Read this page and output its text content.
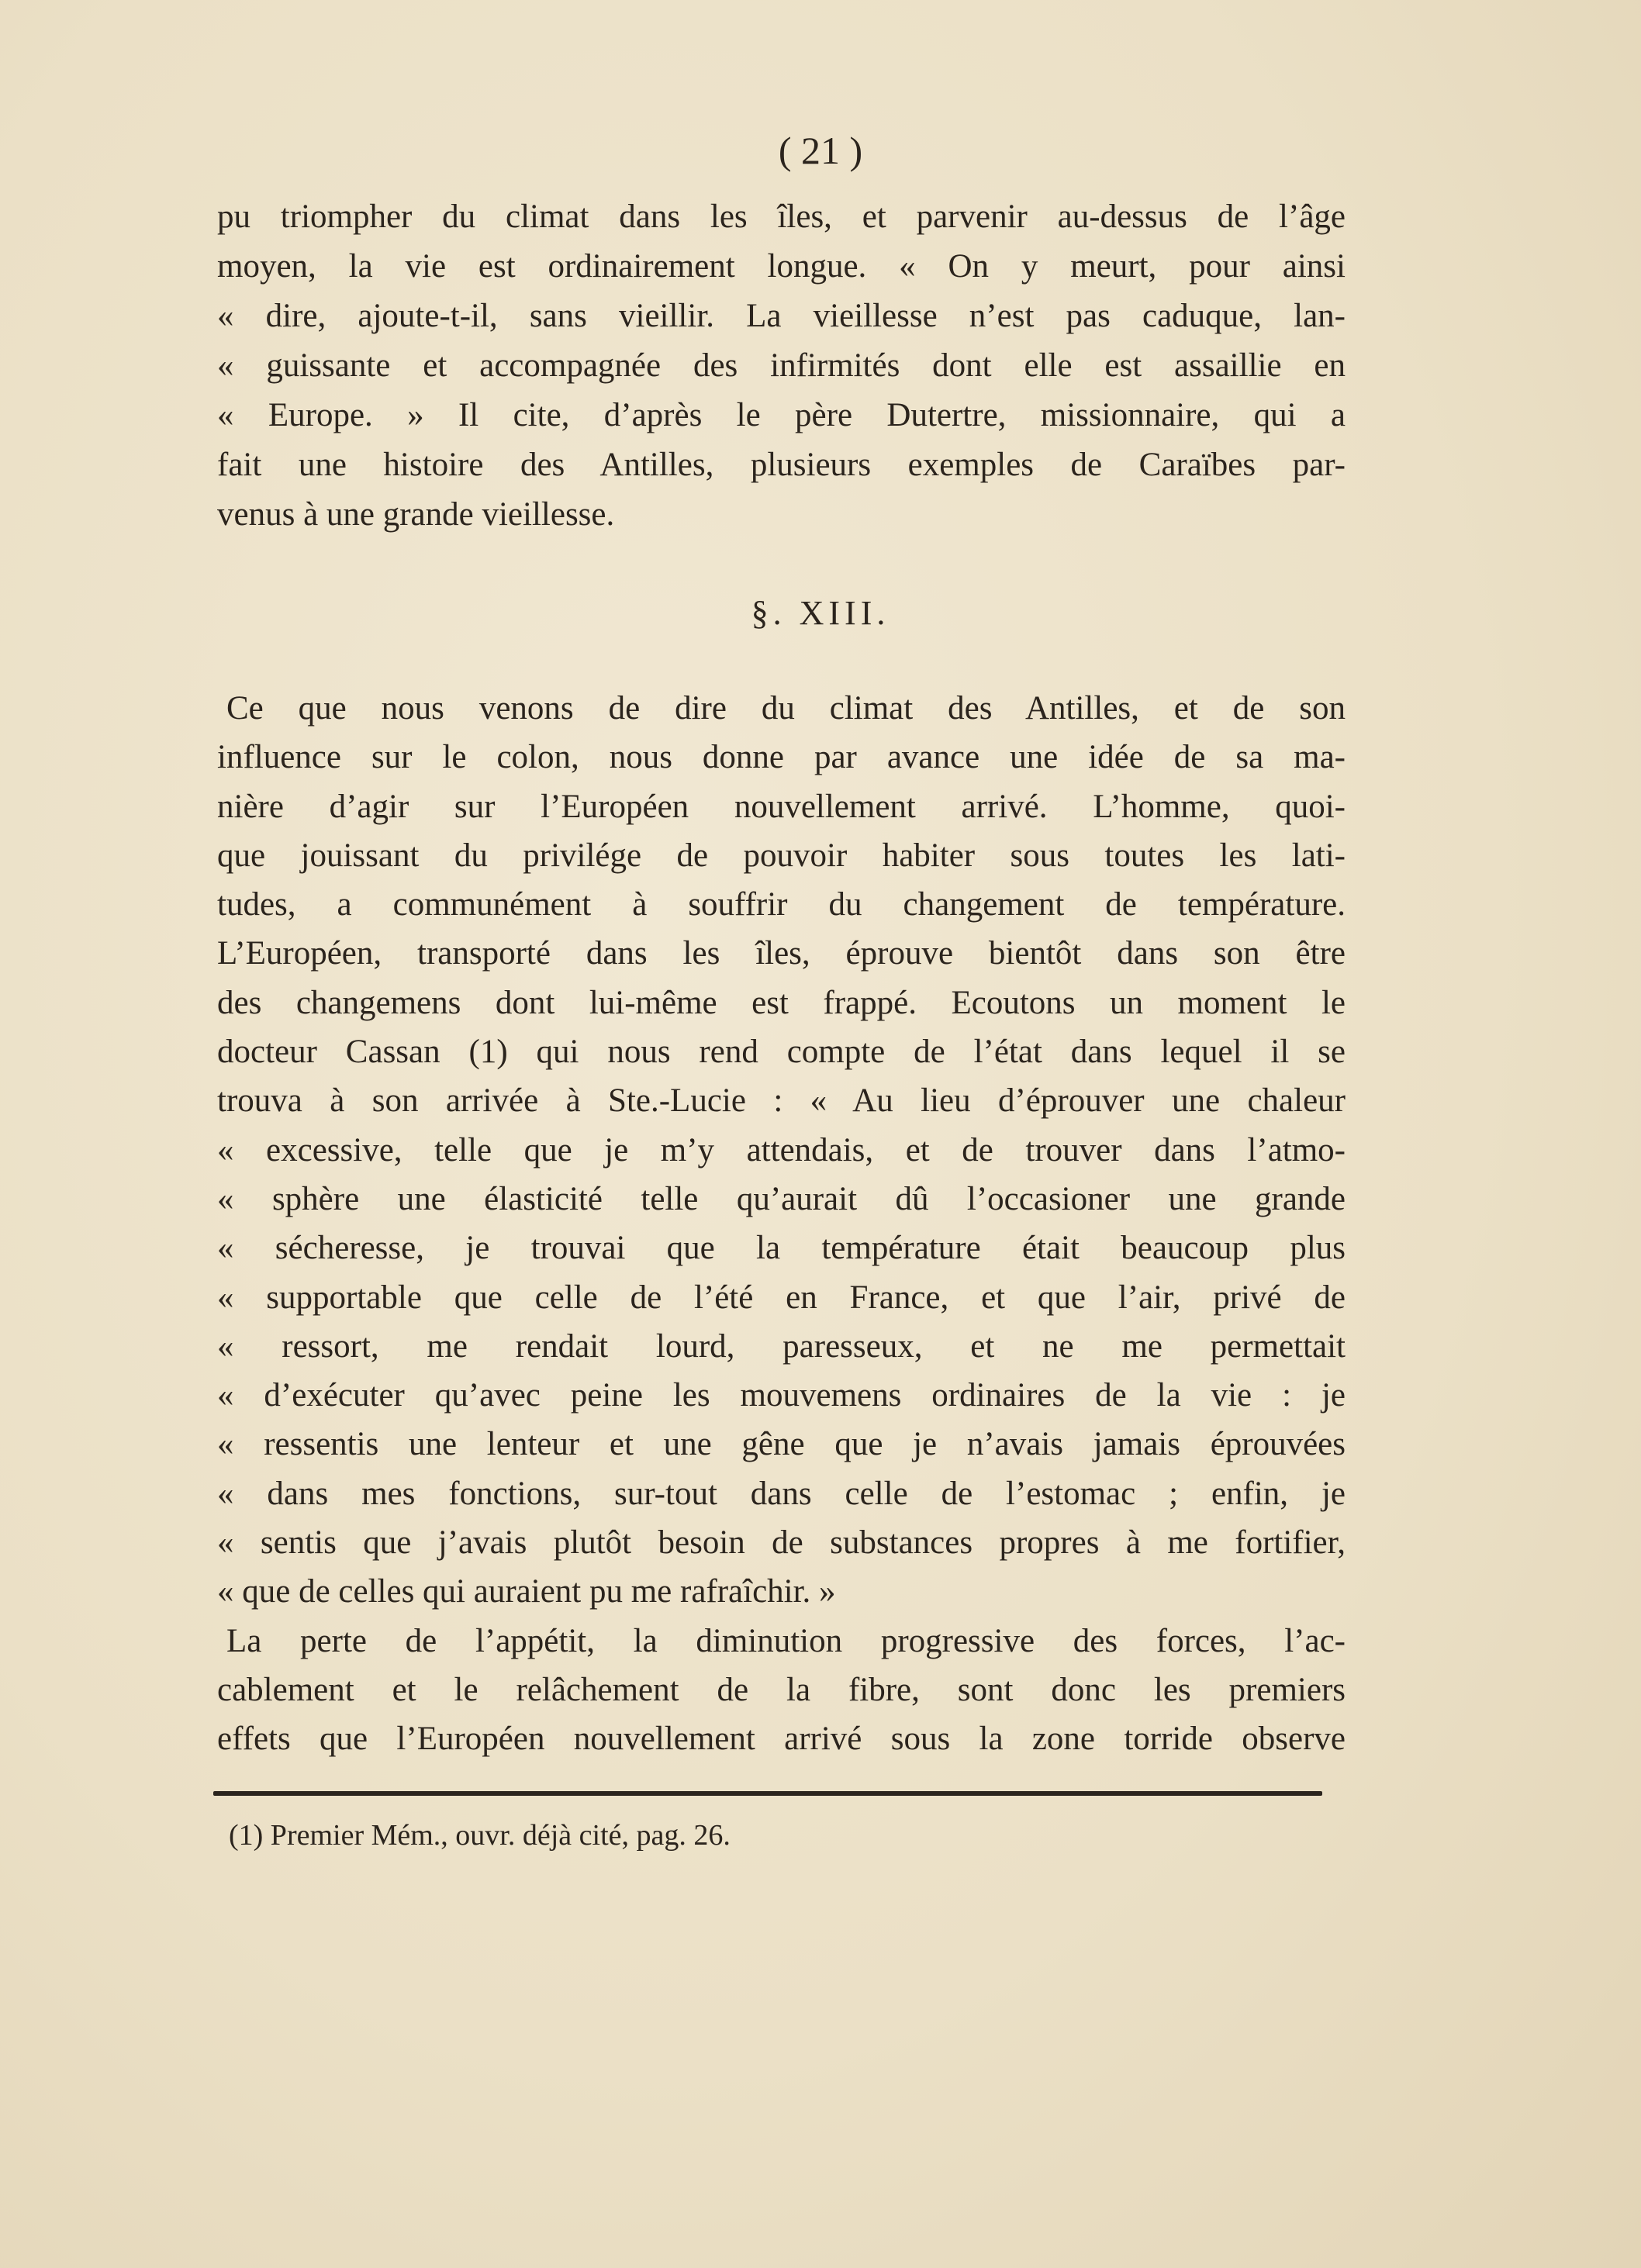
( 21 )
pu triompher du climat dans les îles, et parvenir au-dessus de l’âge
moyen, la vie est ordinairement longue. « On y meurt, pour ainsi
« dire, ajoute-t-il, sans vieillir. La vieillesse n’est pas caduque, lan-
« guissante et accompagnée des infirmités dont elle est assaillie en
« Europe. » Il cite, d’après le père Dutertre, missionnaire, qui a
fait une histoire des Antilles, plusieurs exemples de Caraïbes par-
venus à une grande vieillesse.
§. XIII.
Ce que nous venons de dire du climat des Antilles, et de son
influence sur le colon, nous donne par avance une idée de sa ma-
nière d’agir sur l’Européen nouvellement arrivé. L’homme, quoi-
que jouissant du privilége de pouvoir habiter sous toutes les lati-
tudes, a communément à souffrir du changement de température.
L’Européen, transporté dans les îles, éprouve bientôt dans son être
des changemens dont lui-même est frappé. Ecoutons un moment le
docteur Cassan (1) qui nous rend compte de l’état dans lequel il se
trouva à son arrivée à Ste.-Lucie : « Au lieu d’éprouver une chaleur
« excessive, telle que je m’y attendais, et de trouver dans l’atmo-
« sphère une élasticité telle qu’aurait dû l’occasioner une grande
« sécheresse, je trouvai que la température était beaucoup plus
« supportable que celle de l’été en France, et que l’air, privé de
« ressort, me rendait lourd, paresseux, et ne me permettait
« d’exécuter qu’avec peine les mouvemens ordinaires de la vie : je
« ressentis une lenteur et une gêne que je n’avais jamais éprouvées
« dans mes fonctions, sur-tout dans celle de l’estomac ; enfin, je
« sentis que j’avais plutôt besoin de substances propres à me fortifier,
« que de celles qui auraient pu me rafraîchir. »
La perte de l’appétit, la diminution progressive des forces, l’ac-
cablement et le relâchement de la fibre, sont donc les premiers
effets que l’Européen nouvellement arrivé sous la zone torride observe
(1) Premier Mém., ouvr. déjà cité, pag. 26.
